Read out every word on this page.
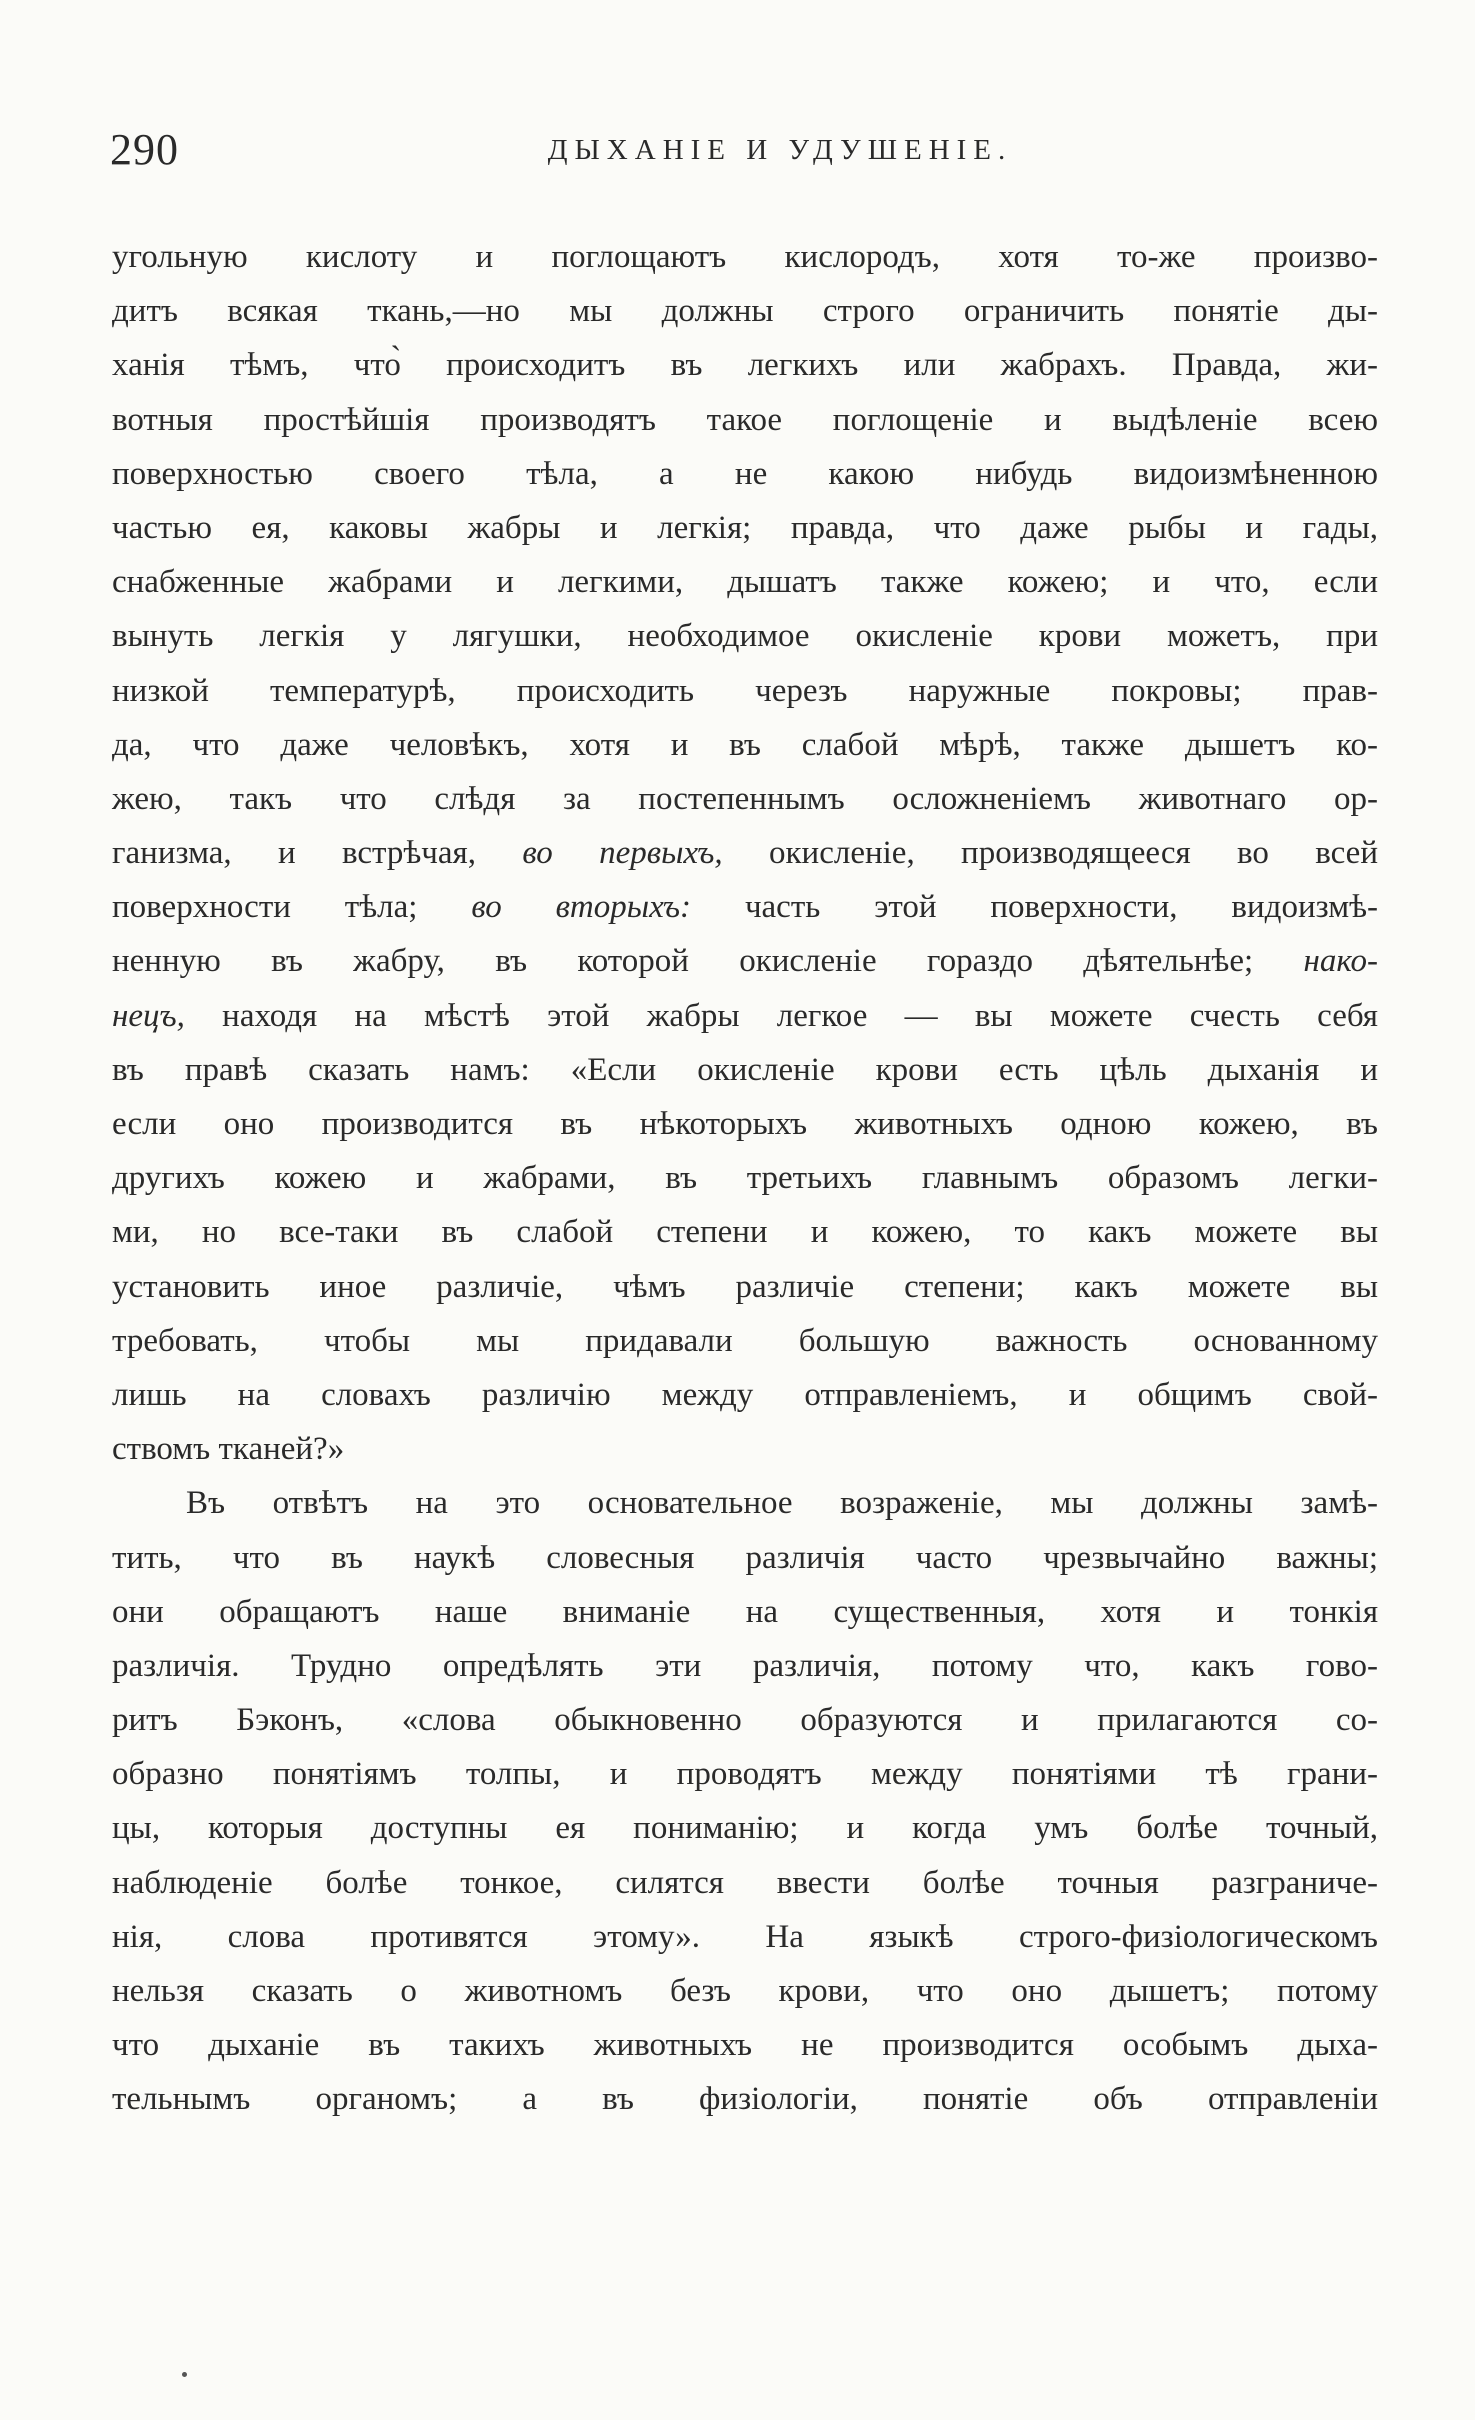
290	ДЫХАНІЕ И УДУШЕНІЕ.
угольную кислоту и поглощаютъ кислородъ, хотя то-же произво-
дитъ всякая ткань,—но мы должны строго ограничить понятіе ды-
ханія тѣмъ, что̀ происходитъ въ легкихъ или жабрахъ. Правда, жи-
вотныя простѣйшія производятъ такое поглощеніе и выдѣленіе всею
поверхностью своего тѣла, а не какою нибудь видоизмѣненною
частью ея, каковы жабры и легкія; правда, что даже рыбы и гады,
снабженные жабрами и легкими, дышатъ также кожею; и что, если
вынуть легкія у лягушки, необходимое окисленіе крови можетъ, при
низкой температурѣ, происходить черезъ наружные покровы; прав-
да, что даже человѣкъ, хотя и въ слабой мѣрѣ, также дышетъ ко-
жею, такъ что слѣдя за постепеннымъ осложненіемъ животнаго ор-
ганизма, и встрѣчая, во первыхъ, окисленіе, производящееся во всей
поверхности тѣла; во вторыхъ: часть этой поверхности, видоизмѣ-
ненную въ жабру, въ которой окисленіе гораздо дѣятельнѣе; нако-
нецъ, находя на мѣстѣ этой жабры легкое — вы можете счесть себя
въ правѣ сказать намъ: «Если окисленіе крови есть цѣль дыханія и
если оно производится въ нѣкоторыхъ животныхъ одною кожею, въ
другихъ кожею и жабрами, въ третьихъ главнымъ образомъ легки-
ми, но все-таки въ слабой степени и кожею, то какъ можете вы
установить иное различіе, чѣмъ различіе степени; какъ можете вы
требовать, чтобы мы придавали большую важность основанному
лишь на словахъ различію между отправленіемъ, и общимъ свой-
ствомъ тканей?»
Въ отвѣтъ на это основательное возраженіе, мы должны замѣ-
тить, что въ наукѣ словесныя различія часто чрезвычайно важны;
они обращаютъ наше вниманіе на существенныя, хотя и тонкія
различія. Трудно опредѣлять эти различія, потому что, какъ гово-
ритъ Бэконъ, «слова обыкновенно образуются и прилагаются со-
образно понятіямъ толпы, и проводятъ между понятіями тѣ грани-
цы, которыя доступны ея пониманію; и когда умъ болѣе точный,
наблюденіе болѣе тонкое, силятся ввести болѣе точныя разграниче-
нія, слова противятся этому». На языкѣ строго-физіологическомъ
нельзя сказать о животномъ безъ крови, что оно дышетъ; потому
что дыханіе въ такихъ животныхъ не производится особымъ дыха-
тельнымъ органомъ; а въ физіологіи, понятіе объ отправленіи
